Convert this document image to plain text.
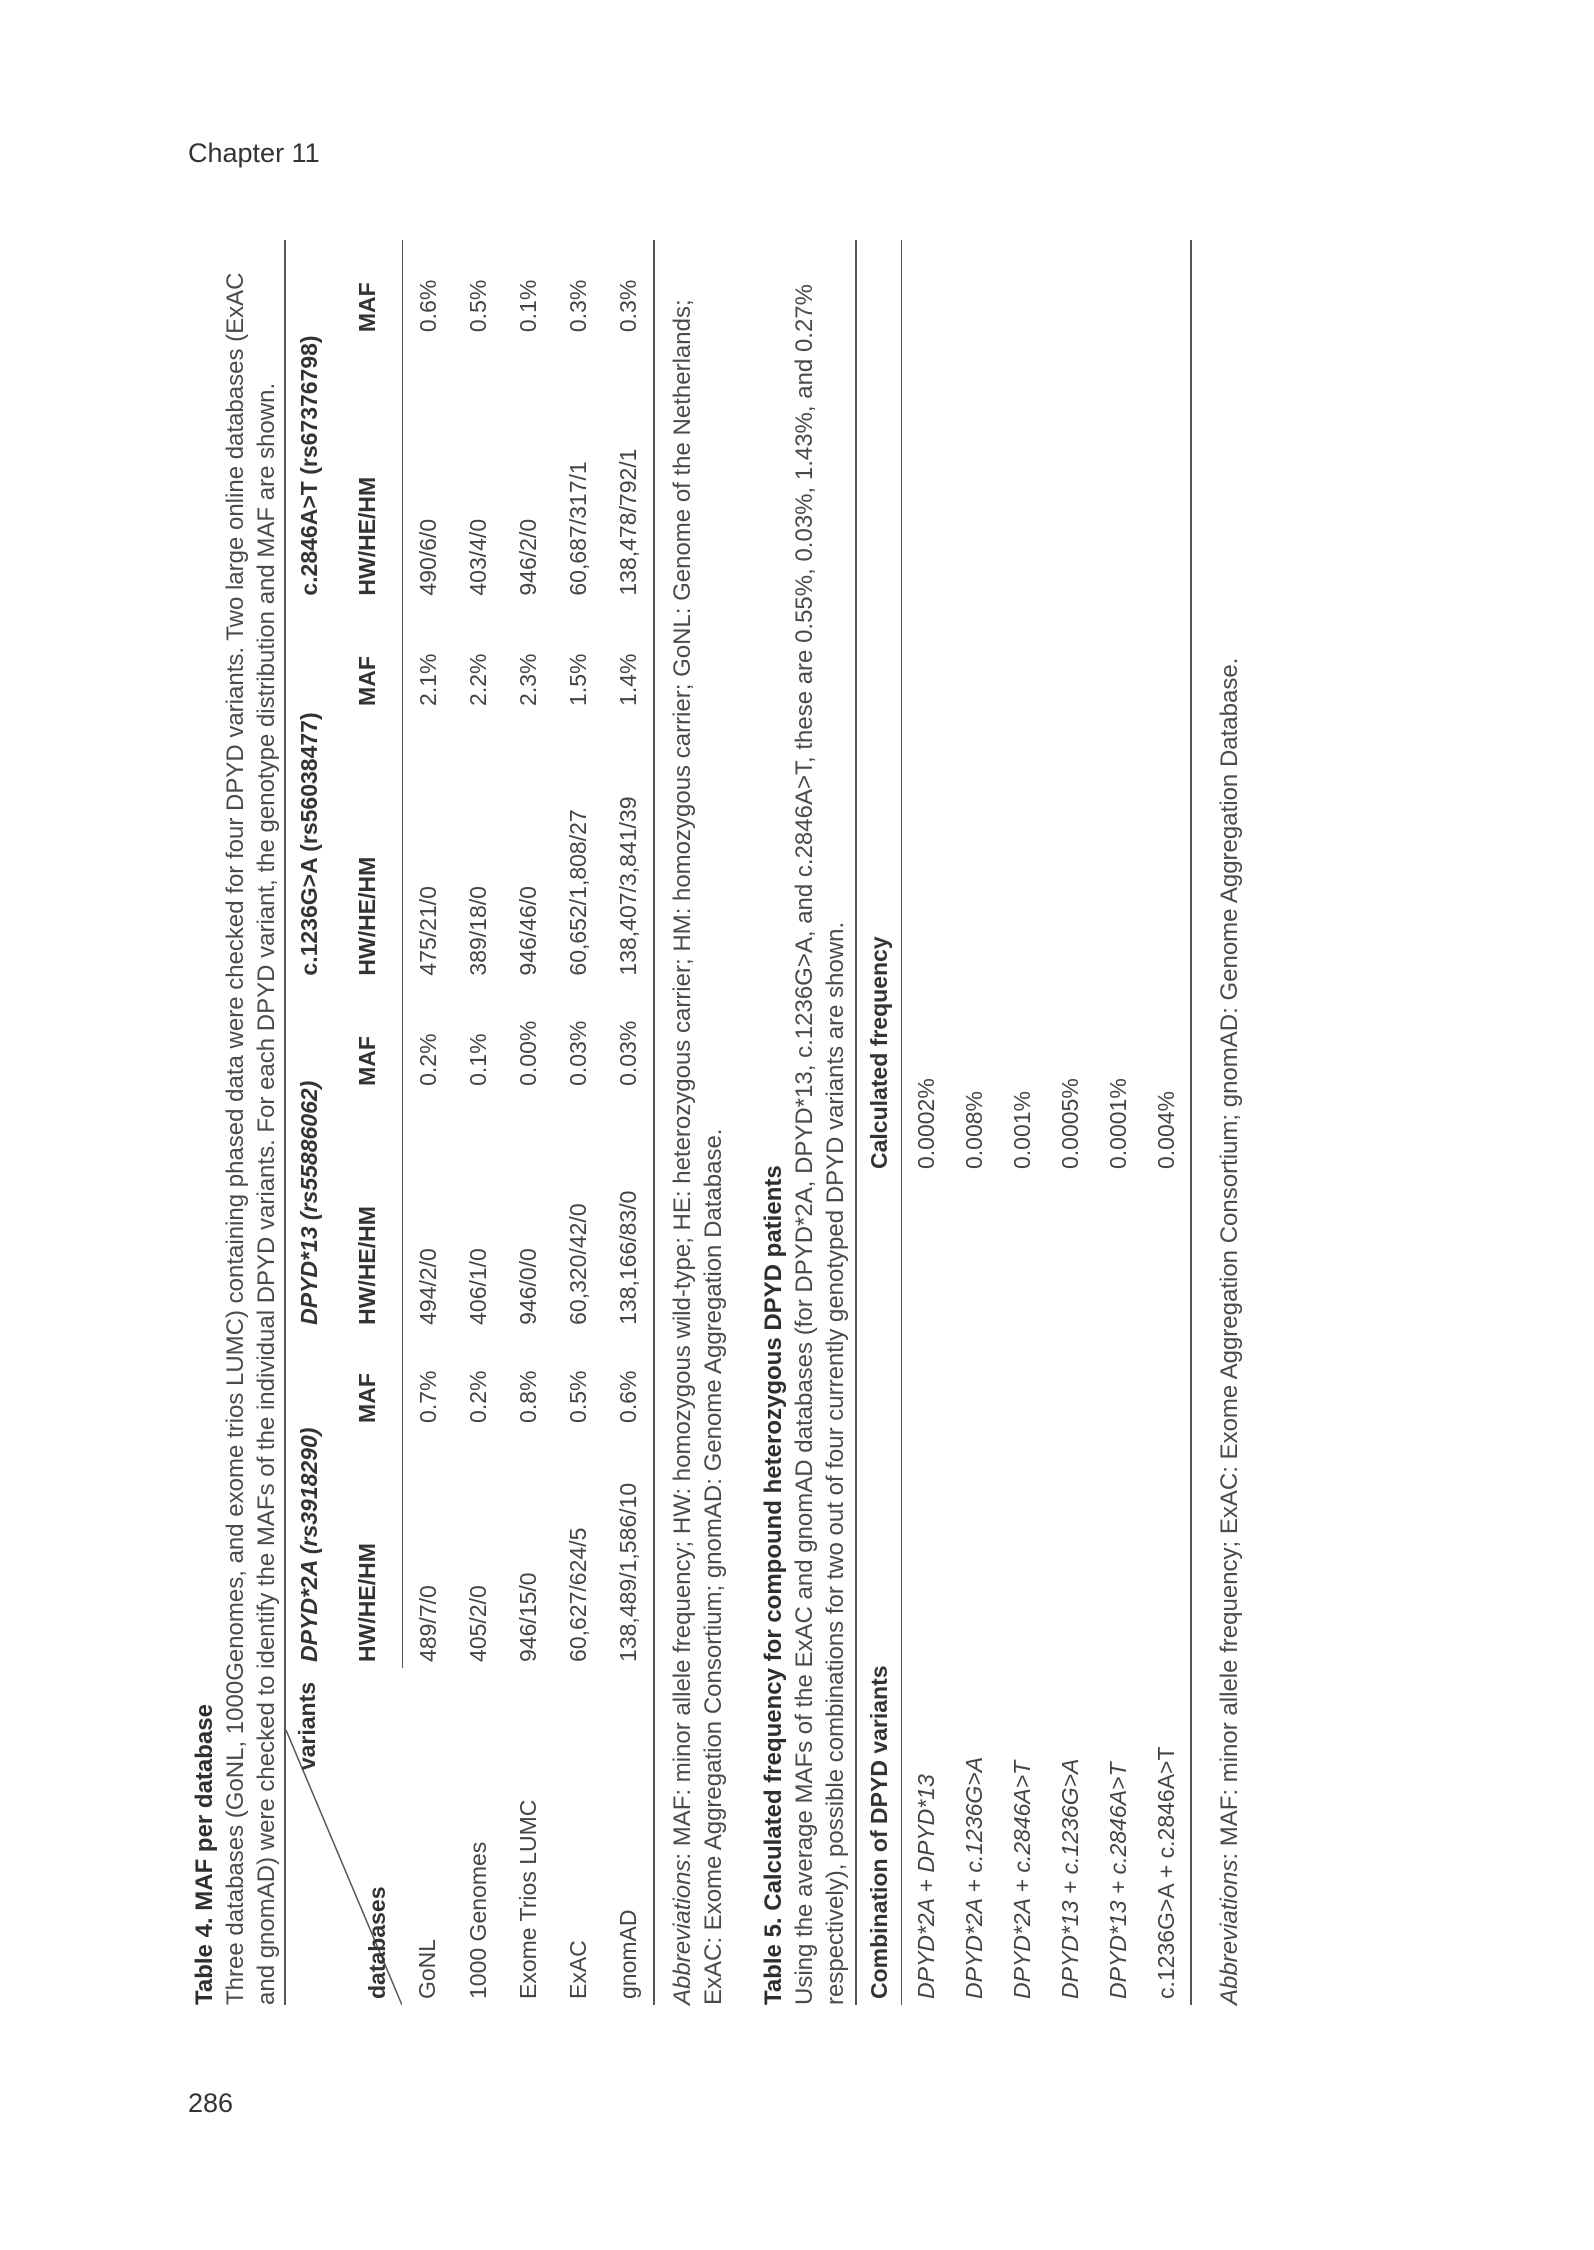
Chapter 11
286
Table 4. MAF per database Three databases (GoNL, 1000Genomes, and exome trios LUMC) containing phased data were checked for four DPYD variants. Two large online databases (ExAC and gnomAD) were checked to identify the MAFs of the individual DPYD variants. For each DPYD variant, the genotype distribution and MAF are shown. variants
databases	DPYD*2A (rs3918290)		DPYD*13 (rs55886062)		c.1236G>A (rs56038477)		c.2846A>T (rs67376798)	
	HW/HE/HM	MAF	HW/HE/HM	MAF	HW/HE/HM	MAF	HW/HE/HM	MAF
GoNL	489/7/0	0.7%	494/2/0	0.2%	475/21/0	2.1%	490/6/0	0.6%
1000 Genomes	405/2/0	0.2%	406/1/0	0.1%	389/18/0	2.2%	403/4/0	0.5%
Exome Trios LUMC	946/15/0	0.8%	946/0/0	0.00%	946/46/0	2.3%	946/2/0	0.1%
ExAC	60,627/624/5	0.5%	60,320/42/0	0.03%	60,652/1,808/27	1.5%	60,687/317/1	0.3%
gnomAD	138,489/1,586/10	0.6%	138,166/83/0	0.03%	138,407/3,841/39	1.4%	138,478/792/1	0.3%
Abbreviations: MAF: minor allele frequency; HW: homozygous wild-type; HE: heterozygous carrier; HM: homozygous carrier; GoNL: Genome of the Netherlands; ExAC: Exome Aggregation Consortium; gnomAD: Genome Aggregation Database. Table 5. Calculated frequency for compound heterozygous DPYD patients Using the average MAFs of the ExAC and gnomAD databases (for DPYD*2A, DPYD*13, c.1236G>A, and c.2846A>T, these are 0.55%, 0.03%, 1.43%, and 0.27% respectively), possible combinations for two out of four currently genotyped DPYD variants are shown. Combination of DPYD variants	Calculated frequency
DPYD*2A + DPYD*13	0.0002%
DPYD*2A + c.1236G>A	0.008%
DPYD*2A + c.2846A>T	0.001%
DPYD*13 + c.1236G>A	0.0005%
DPYD*13 + c.2846A>T	0.0001%
c.1236G>A + c.2846A>T	0.004%
Abbreviations: MAF: minor allele frequency; ExAC: Exome Aggregation Consortium; gnomAD: Genome Aggregation Database.
